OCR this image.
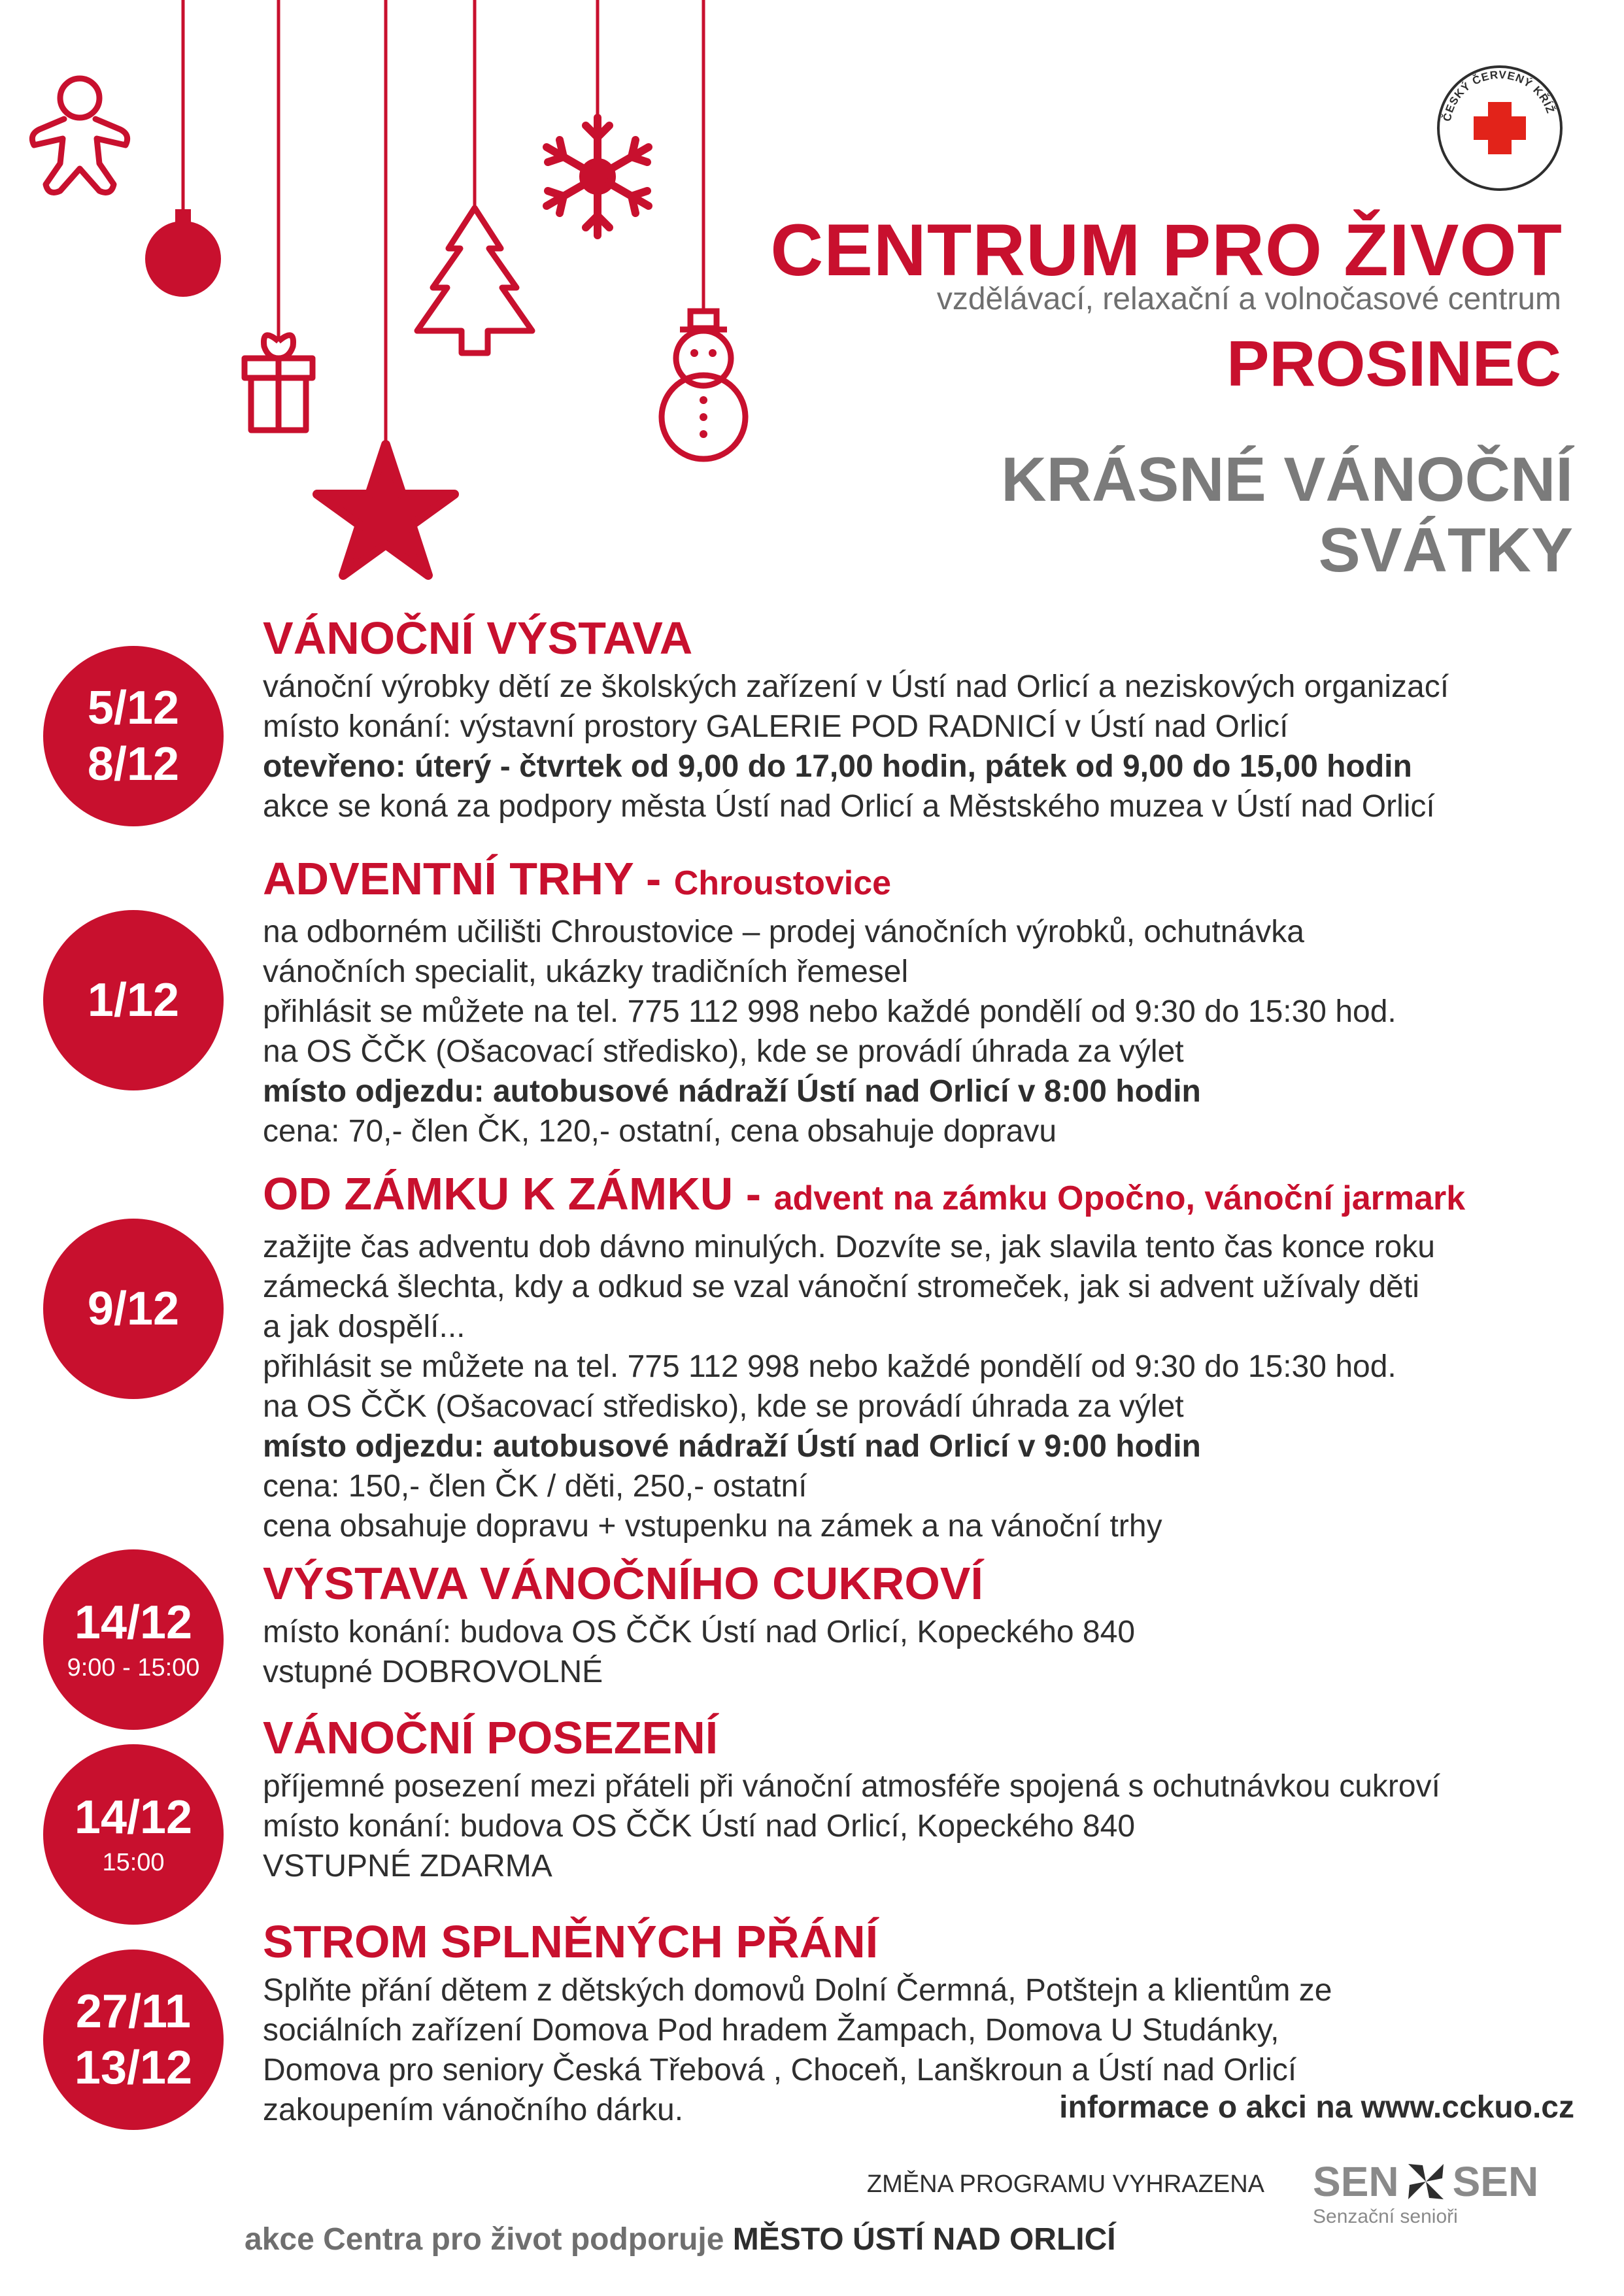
ČESKÝ ČERVENÝ KŘÍŽ
CENTRUM PRO ŽIVOT
vzdělávací, relaxační a volnočasové centrum
PROSINEC
KRÁSNÉ VÁNOČNÍ
SVÁTKY
5/12
8/12
VÁNOČNÍ VÝSTAVA
vánoční výrobky dětí ze školských zařízení v Ústí nad Orlicí a neziskových organizací
místo konání: výstavní prostory GALERIE POD RADNICÍ v Ústí nad Orlicí
otevřeno: úterý - čtvrtek od 9,00 do 17,00 hodin, pátek od 9,00 do 15,00 hodin
akce se koná za podpory města Ústí nad Orlicí a Městského muzea v Ústí nad Orlicí
1/12
ADVENTNÍ TRHY - Chroustovice
na odborném učilišti Chroustovice – prodej vánočních výrobků, ochutnávka
vánočních specialit, ukázky tradičních řemesel
přihlásit se můžete na tel. 775 112 998 nebo každé pondělí od 9:30 do 15:30 hod.
na OS ČČK (Ošacovací středisko), kde se provádí úhrada za výlet
místo odjezdu: autobusové nádraží Ústí nad Orlicí v 8:00 hodin
cena: 70,- člen ČK, 120,- ostatní, cena obsahuje dopravu
9/12
OD ZÁMKU K ZÁMKU - advent na zámku Opočno, vánoční jarmark
zažijte čas adventu dob dávno minulých. Dozvíte se, jak slavila tento čas konce roku
zámecká šlechta, kdy a odkud se vzal vánoční stromeček, jak si advent užívaly děti
a jak dospělí...
přihlásit se můžete na tel. 775 112 998 nebo každé pondělí od 9:30 do 15:30 hod.
na OS ČČK (Ošacovací středisko), kde se provádí úhrada za výlet
místo odjezdu: autobusové nádraží Ústí nad Orlicí v 9:00 hodin
cena: 150,- člen ČK / děti, 250,- ostatní
cena obsahuje dopravu + vstupenku na zámek a na vánoční trhy
14/12
9:00 - 15:00
VÝSTAVA VÁNOČNÍHO CUKROVÍ
místo konání: budova OS ČČK Ústí nad Orlicí, Kopeckého 840
vstupné DOBROVOLNÉ
14/12
15:00
VÁNOČNÍ POSEZENÍ
příjemné posezení mezi přáteli při vánoční atmosféře spojená s ochutnávkou cukroví
místo konání: budova OS ČČK Ústí nad Orlicí, Kopeckého 840
VSTUPNÉ ZDARMA
27/11
13/12
STROM SPLNĚNÝCH PŘÁNÍ
Splňte přání dětem z dětských domovů Dolní Čermná, Potštejn a klientům ze
sociálních zařízení Domova Pod hradem Žampach, Domova U Studánky,
Domova pro seniory Česká Třebová , Choceň, Lanškroun a Ústí nad Orlicí
zakoupením vánočního dárku.	informace o akci na www.cckuo.cz
ZMĚNA PROGRAMU VYHRAZENA
akce Centra pro život podporuje MĚSTO ÚSTÍ NAD ORLICÍ
SEN SEN
Senzační senioři
